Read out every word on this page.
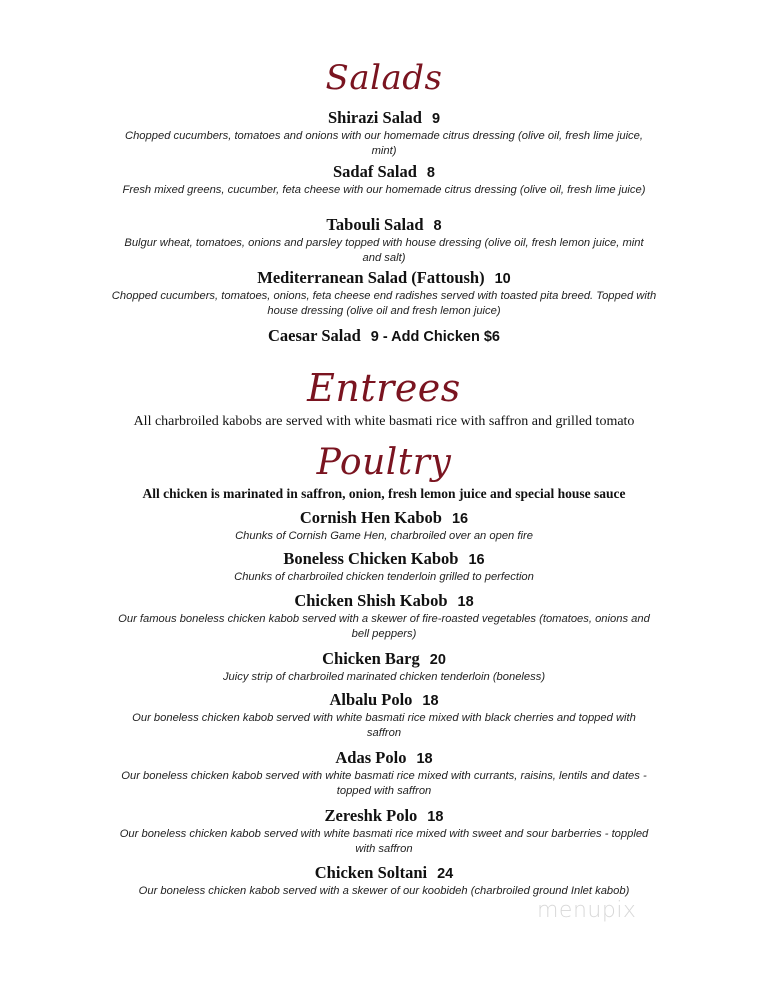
Salads
Shirazi Salad 9
Chopped cucumbers, tomatoes and onions with our homemade citrus dressing (olive oil, fresh lime juice, mint)
Sadaf Salad 8
Fresh mixed greens, cucumber, feta cheese with our homemade citrus dressing (olive oil, fresh lime juice)
Tabouli Salad 8
Bulgur wheat, tomatoes, onions and parsley topped with house dressing (olive oil, fresh lemon juice, mint and salt)
Mediterranean Salad (Fattoush) 10
Chopped cucumbers, tomatoes, onions, feta cheese end radishes served with toasted pita breed. Topped with house dressing (olive oil and fresh lemon juice)
Caesar Salad 9 - Add Chicken $6
Entrees
All charbroiled kabobs are served with white basmati rice with saffron and grilled tomato
Poultry
All chicken is marinated in saffron, onion, fresh lemon juice and special house sauce
Cornish Hen Kabob 16
Chunks of Cornish Game Hen, charbroiled over an open fire
Boneless Chicken Kabob 16
Chunks of charbroiled chicken tenderloin grilled to perfection
Chicken Shish Kabob 18
Our famous boneless chicken kabob served with a skewer of fire-roasted vegetables (tomatoes, onions and bell peppers)
Chicken Barg 20
Juicy strip of charbroiled marinated chicken tenderloin (boneless)
Albalu Polo 18
Our boneless chicken kabob served with white basmati rice mixed with black cherries and topped with saffron
Adas Polo 18
Our boneless chicken kabob served with white basmati rice mixed with currants, raisins, lentils and dates - topped with saffron
Zereshk Polo 18
Our boneless chicken kabob served with white basmati rice mixed with sweet and sour barberries - toppled with saffron
Chicken Soltani 24
Our boneless chicken kabob served with a skewer of our koobideh (charbroiled ground Inlet kabob)
menupix
